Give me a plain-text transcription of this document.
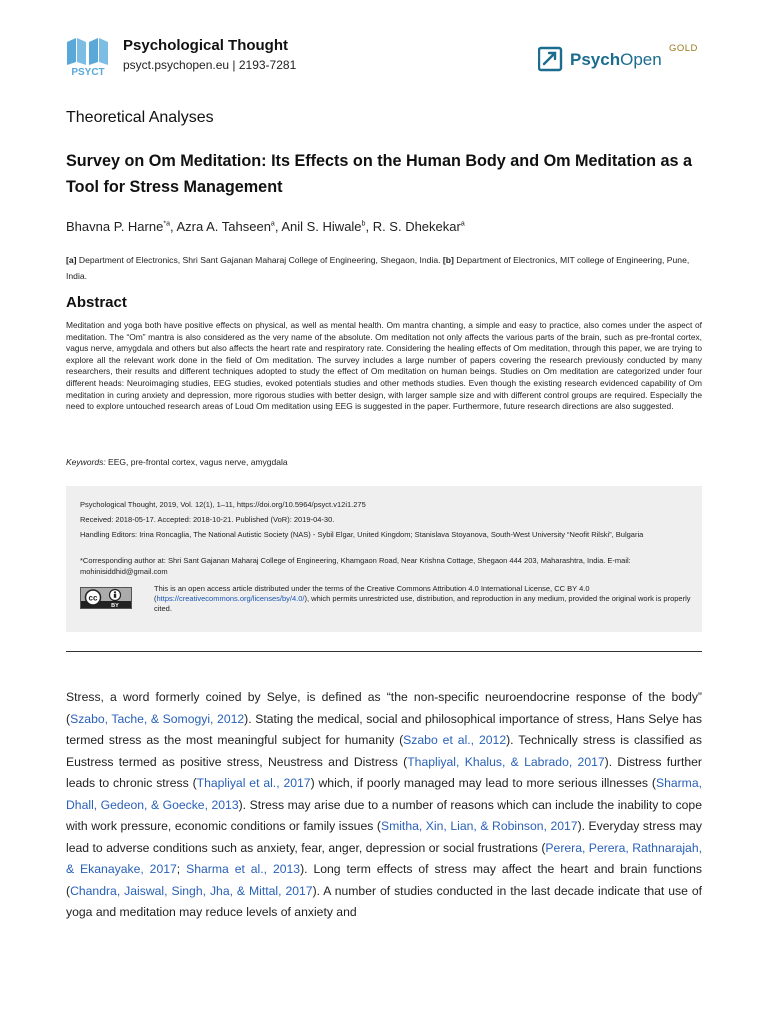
PSYCT
Psychological Thought
psyct.psychopen.eu | 2193-7281	PsychOpen
GOLD
Theoretical Analyses
Survey on Om Meditation: Its Effects on the Human Body and Om Meditation as a Tool for Stress Management
Bhavna P. Harne$^{*a}$, Azra A. Tahseen$^a$, Anil S. Hiwale$^b$, R. S. Dhekekar$^a$
[a] Department of Electronics, Shri Sant Gajanan Maharaj College of Engineering, Shegaon, India. [b] Department of Electronics, MIT college of Engineering, Pune, India.
Abstract
Meditation and yoga both have positive effects on physical, as well as mental health. Om mantra chanting, a simple and easy to practice, also comes under the aspect of meditation. The “Om” mantra is also considered as the very name of the absolute. Om meditation not only affects the various parts of the brain, such as pre-frontal cortex, vagus nerve, amygdala and others but also affects the heart rate and respiratory rate. Considering the healing effects of Om meditation, through this paper, we are trying to explore all the relevant work done in the field of Om meditation. The survey includes a large number of papers covering the research previously conducted by many researchers, their results and different techniques adopted to study the effect of Om meditation on human beings. Studies on Om meditation are categorized under four different heads: Neuroimaging studies, EEG studies, evoked potentials studies and other methods studies. Even though the existing research evidenced capability of Om meditation in curing anxiety and depression, more rigorous studies with better design, with larger sample size and with different control groups are required. Especially the need to explore untouched research areas of Loud Om meditation using EEG is suggested in the paper. Furthermore, future research directions are also suggested.
Keywords: EEG, pre-frontal cortex, vagus nerve, amygdala
Psychological Thought, 2019, Vol. 12(1), 1–11, https://doi.org/10.5964/psyct.v12i1.275
Received: 2018-05-17. Accepted: 2018-10-21. Published (VoR): 2019-04-30.
Handling Editors: Irina Roncaglia, The National Autistic Society (NAS) - Sybil Elgar, United Kingdom; Stanislava Stoyanova, South-West University “Neofit Rilski”, Bulgaria
*Corresponding author at: Shri Sant Gajanan Maharaj College of Engineering, Khamgaon Road, Near Krishna Cottage, Shegaon 444 203, Maharashtra, India. E-mail: mohinisiddhid@gmail.com
cc
BY
This is an open access article distributed under the terms of the Creative Commons Attribution 4.0 International License, CC BY 4.0 (https://creativecommons.org/licenses/by/4.0/), which permits unrestricted use, distribution, and reproduction in any medium, provided the original work is properly cited.
Stress, a word formerly coined by Selye, is defined as “the non-specific neuroendocrine response of the body” (Szabo, Tache, & Somogyi, 2012). Stating the medical, social and philosophical importance of stress, Hans Selye has termed stress as the most meaningful subject for humanity (Szabo et al., 2012). Technically stress is classified as Eustress termed as positive stress, Neustress and Distress (Thapliyal, Khalus, & Labrado, 2017). Distress further leads to chronic stress (Thapliyal et al., 2017) which, if poorly managed may lead to more serious illnesses (Sharma, Dhall, Gedeon, & Goecke, 2013). Stress may arise due to a number of reasons which can include the inability to cope with work pressure, economic conditions or family issues (Smitha, Xin, Lian, & Robinson, 2017). Everyday stress may lead to adverse conditions such as anxiety, fear, anger, depression or social frustrations (Perera, Perera, Rathnarajah, & Ekanayake, 2017; Sharma et al., 2013). Long term effects of stress may affect the heart and brain functions (Chandra, Jaiswal, Singh, Jha, & Mittal, 2017). A number of studies conducted in the last decade indicate that use of yoga and meditation may reduce levels of anxiety and
